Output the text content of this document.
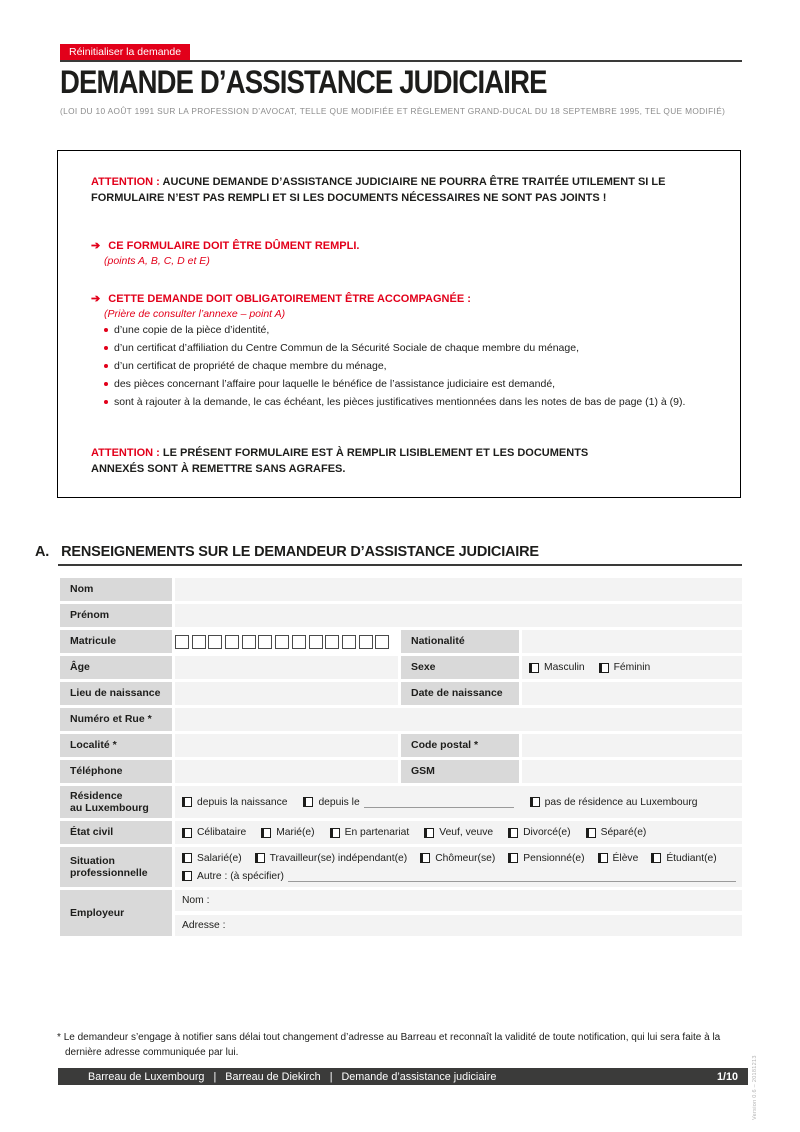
Réinitialiser la demande
DEMANDE D’ASSISTANCE JUDICIAIRE
(LOI DU 10 AOÛT 1991 SUR LA PROFESSION D’AVOCAT, TELLE QUE MODIFIÉE ET RÈGLEMENT GRAND-DUCAL DU 18 SEPTEMBRE 1995, TEL QUE MODIFIÉ)
ATTENTION : AUCUNE DEMANDE D’ASSISTANCE JUDICIAIRE NE POURRA ÊTRE TRAITÉE UTILEMENT SI LE FORMULAIRE N’EST PAS REMPLI ET SI LES DOCUMENTS NÉCESSAIRES NE SONT PAS JOINTS !
➔ CE FORMULAIRE DOIT ÊTRE DÛMENT REMPLI.
(points A, B, C, D et E)
➔ CETTE DEMANDE DOIT OBLIGATOIREMENT ÊTRE ACCOMPAGNÉE :
(Prière de consulter l’annexe – point A)
d’une copie de la pièce d’identité,
d’un certificat d’affiliation du Centre Commun de la Sécurité Sociale de chaque membre du ménage,
d’un certificat de propriété de chaque membre du ménage,
des pièces concernant l’affaire pour laquelle le bénéfice de l’assistance judiciaire est demandé,
sont à rajouter à la demande, le cas échéant, les pièces justificatives mentionnées dans les notes de bas de page (1) à (9).
ATTENTION : LE PRÉSENT FORMULAIRE EST À REMPLIR LISIBLEMENT ET LES DOCUMENTS ANNEXÉS SONT À REMETTRE SANS AGRAFES.
A. RENSEIGNEMENTS SUR LE DEMANDEUR D’ASSISTANCE JUDICIAIRE
Nom
Prénom
Matricule	Nationalité
Âge	Sexe	Masculin	Féminin
Lieu de naissance	Date de naissance
Numéro et Rue *
Localité *	Code postal *
Téléphone	GSM
Résidence
au Luxembourg	depuis la naissance	depuis le	pas de résidence au Luxembourg
État civil	Célibataire	Marié(e)	En partenariat	Veuf, veuve	Divorcé(e)	Séparé(e)
Situation
professionnelle
Salarié(e)	Travailleur(se) indépendant(e)	Chômeur(se)	Pensionné(e)	Élève	Étudiant(e)
Autre : (à spécifier)
Employeur
Nom :
Adresse :
* Le demandeur s’engage à notifier sans délai tout changement d’adresse au Barreau et reconnaît la validité de toute notification, qui lui sera faite à la dernière adresse communiquée par lui.
Barreau de Luxembourg | Barreau de Diekirch | Demande d’assistance judiciaire	1/10	Version 0.6 – 20181213
